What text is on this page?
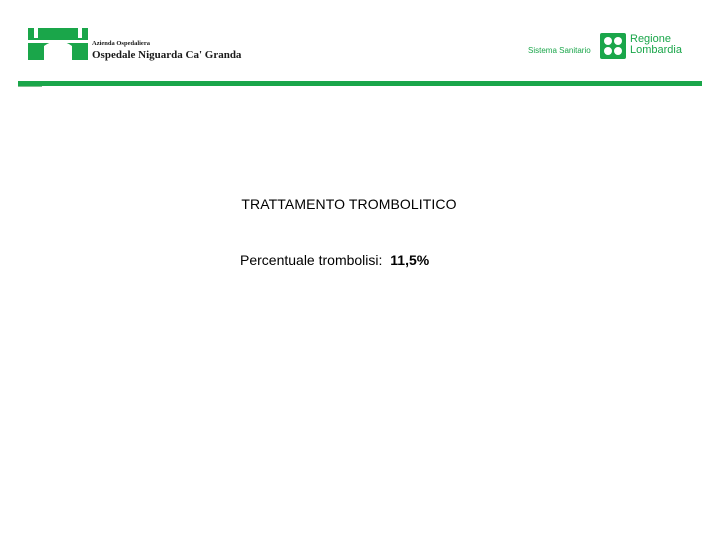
Azienda Ospedaliera
Ospedale Niguarda Ca' Granda	Sistema Sanitario
Regione
Lombardia
TRATTAMENTO TROMBOLITICO
Percentuale trombolisi: 11,5%
